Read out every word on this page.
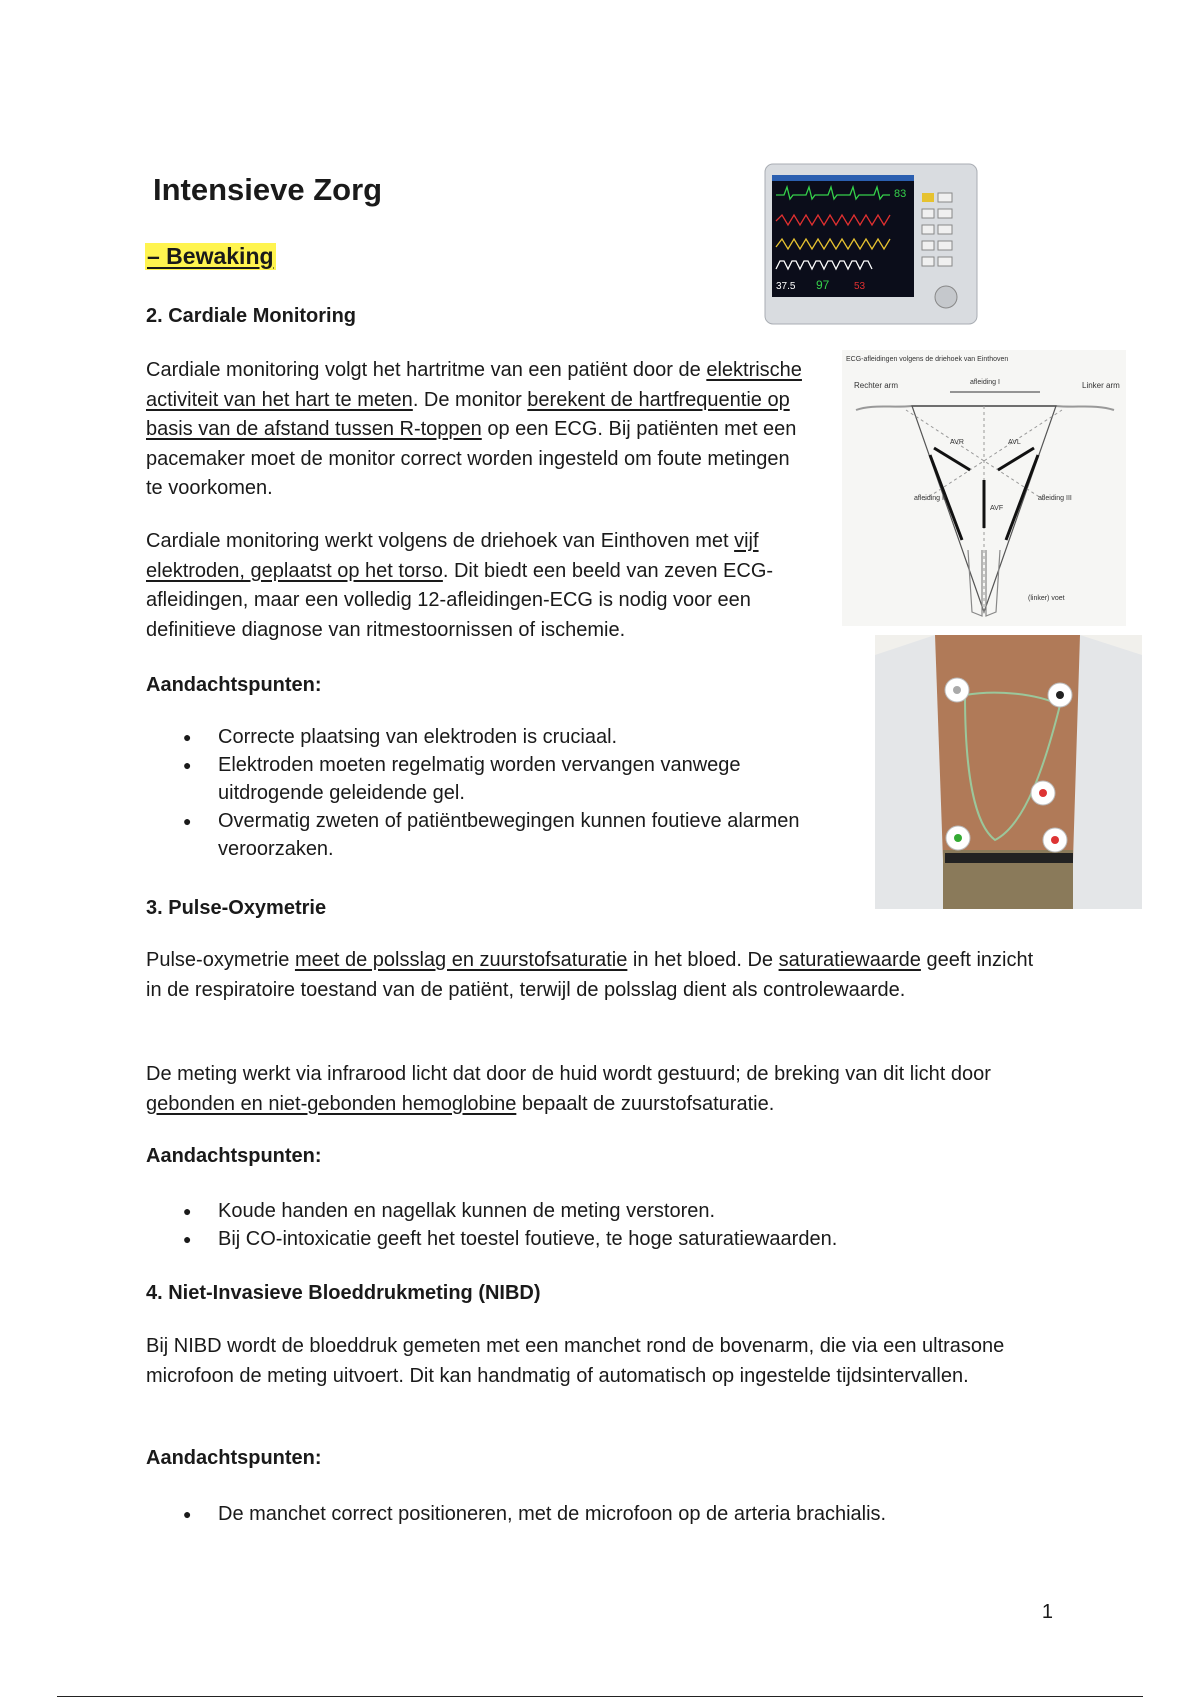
Intensieve Zorg
– Bewaking
2. Cardiale Monitoring

Cardiale monitoring volgt het hartritme van een patiënt door de elektrische activiteit van het hart te meten. De monitor berekent de hartfrequentie op basis van de afstand tussen R-toppen op een ECG. Bij patiënten met een pacemaker moet de monitor correct worden ingesteld om foute metingen te voorkomen.

Cardiale monitoring werkt volgens de driehoek van Einthoven met vijf elektroden, geplaatst op het torso. Dit biedt een beeld van zeven ECG-afleidingen, maar een volledig 12-afleidingen-ECG is nodig voor een definitieve diagnose van ritmestoornissen of ischemie.

Aandachtspunten:
● Correcte plaatsing van elektroden is cruciaal.
● Elektroden moeten regelmatig worden vervangen vanwege uitdrogende geleidende gel.
● Overmatig zweten of patiëntbewegingen kunnen foutieve alarmen veroorzaken.
3. Pulse-Oxymetrie

Pulse-oxymetrie meet de polsslag en zuurstofsaturatie in het bloed. De saturatiewaarde geeft inzicht in de respiratoire toestand van de patiënt, terwijl de polsslag dient als controlewaarde.

De meting werkt via infrarood licht dat door de huid wordt gestuurd; de breking van dit licht door gebonden en niet-gebonden hemoglobine bepaalt de zuurstofsaturatie.

Aandachtspunten:
● Koude handen en nagellak kunnen de meting verstoren.
● Bij CO-intoxicatie geeft het toestel foutieve, te hoge saturatiewaarden.
4. Niet-Invasieve Bloeddrukmeting (NIBD)

Bij NIBD wordt de bloeddruk gemeten met een manchet rond de bovenarm, die via een ultrasone microfoon de meting uitvoert. Dit kan handmatig of automatisch op ingestelde tijdsintervallen.

Aandachtspunten:
● De manchet correct positioneren, met de microfoon op de arteria brachialis.
1
83
37.5 97 53
ECG-afleidingen volgens de driehoek van Einthoven
Rechter arm	Linker arm
afleiding I
AVR	AVL
AVF
afleiding II	afleiding III
(linker) voet
